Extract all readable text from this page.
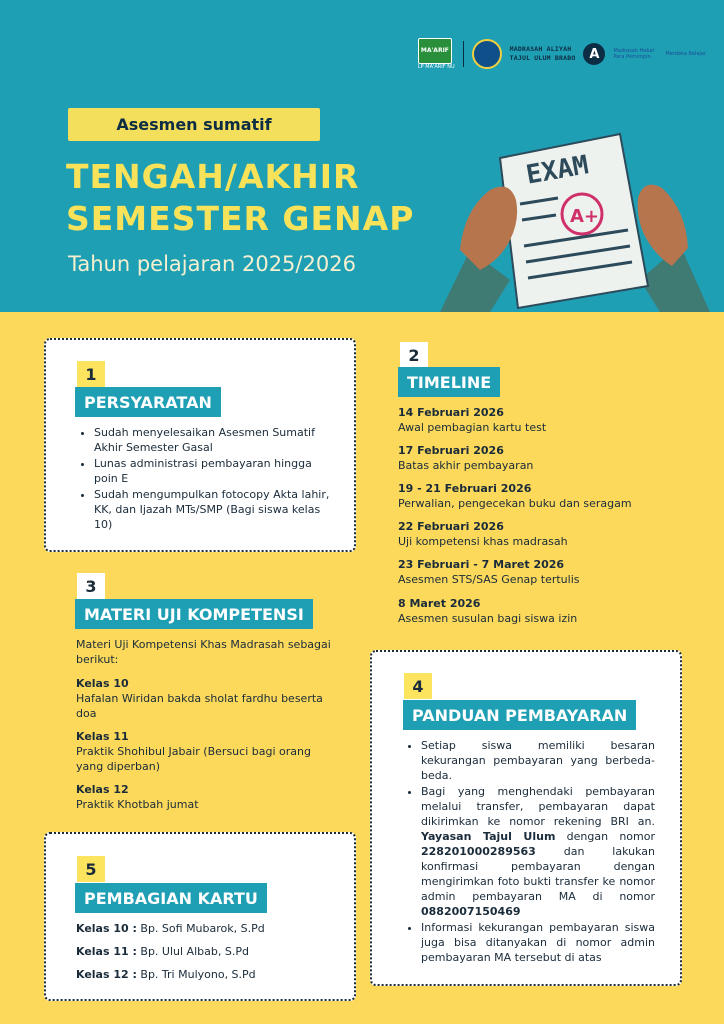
MA'ARIF
LP MA'ARIF NU
MADRASAH ALIYAH
TAJUL ULUM BRABO	A	Madrasah Hebat Para Pemimpin	Merdeka Belajar
Asesmen sumatif
TENGAH/AKHIR
SEMESTER GENAP
Tahun pelajaran 2025/2026
EXAM
A+
1
PERSYARATAN
• Sudah menyelesaikan Asesmen Sumatif Akhir Semester Gasal
• Lunas administrasi pembayaran hingga poin E
• Sudah mengumpulkan fotocopy Akta lahir, KK, dan Ijazah MTs/SMP (Bagi siswa kelas 10)
2
TIMELINE
14 Februari 2026
Awal pembagian kartu test
17 Februari 2026
Batas akhir pembayaran
19 - 21 Februari 2026
Perwalian, pengecekan buku dan seragam
22 Februari 2026
Uji kompetensi khas madrasah
23 Februari - 7 Maret 2026
Asesmen STS/SAS Genap tertulis
8 Maret 2026
Asesmen susulan bagi siswa izin
3
MATERI UJI KOMPETENSI
Materi Uji Kompetensi Khas Madrasah sebagai berikut:
Kelas 10
Hafalan Wiridan bakda sholat fardhu beserta doa
Kelas 11
Praktik Shohibul Jabair (Bersuci bagi orang yang diperban)
Kelas 12
Praktik Khotbah jumat
4
PANDUAN PEMBAYARAN
• Setiap siswa memiliki besaran kekurangan pembayaran yang berbeda-beda.
• Bagi yang menghendaki pembayaran melalui transfer, pembayaran dapat dikirimkan ke nomor rekening BRI an. Yayasan Tajul Ulum dengan nomor 228201000289563	dan lakukan konfirmasi pembayaran dengan mengirimkan foto bukti transfer ke nomor admin pembayaran MA di nomor 0882007150469
• Informasi kekurangan pembayaran siswa juga bisa ditanyakan di nomor admin pembayaran MA tersebut di atas
5
PEMBAGIAN KARTU
Kelas 10 : Bp. Sofi Mubarok, S.Pd
Kelas 11 : Bp. Ulul Albab, S.Pd
Kelas 12 : Bp. Tri Mulyono, S.Pd
